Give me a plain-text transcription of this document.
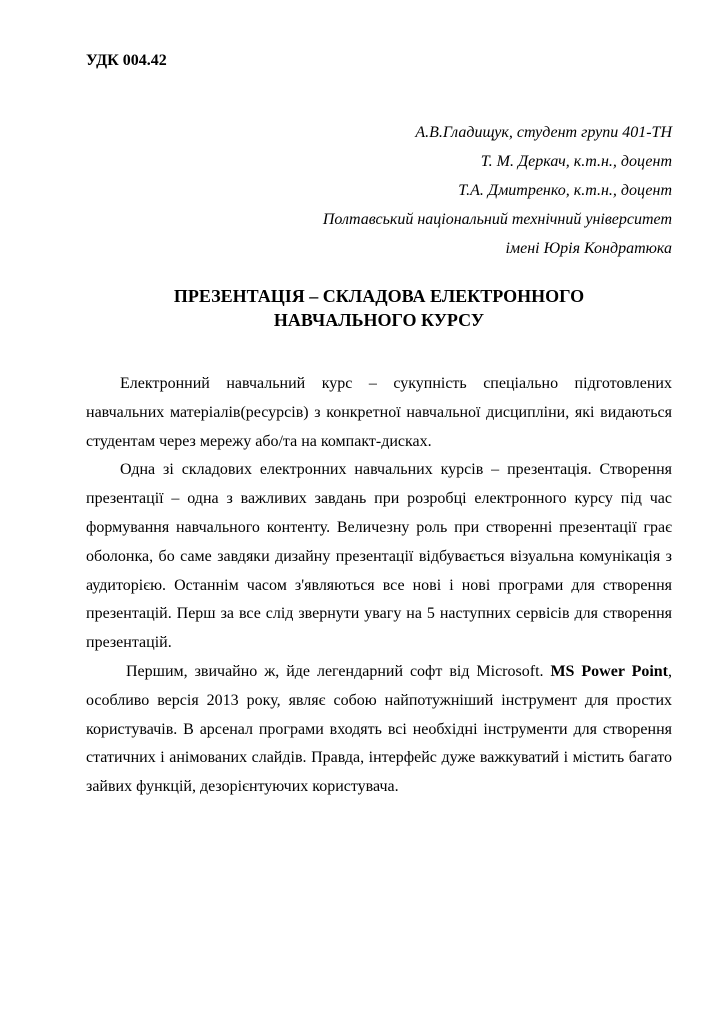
УДК 004.42
А.В.Гладищук, студент групи 401-ТН
Т. М. Деркач, к.т.н., доцент
Т.А. Дмитренко, к.т.н., доцент
Полтавський національний технічний університет
імені Юрія Кондратюка
ПРЕЗЕНТАЦІЯ – СКЛАДОВА ЕЛЕКТРОННОГО
НАВЧАЛЬНОГО КУРСУ

Електронний навчальний курс – сукупність спеціально підготовлених навчальних матеріалів(ресурсів) з конкретної навчальної дисципліни, які видаються студентам через мережу або/та на компакт-дисках.

Одна зі складових електронних навчальних курсів – презентація. Створення презентації – одна з важливих завдань при розробці електронного курсу під час формування навчального контенту. Величезну роль при створенні презентації грає оболонка, бо саме завдяки дизайну презентації відбувається візуальна комунікація з аудиторією. Останнім часом з'являються все нові і нові програми для створення презентацій. Перш за все слід звернути увагу на 5 наступних сервісів для створення презентацій.

Першим, звичайно ж, йде легендарний софт від Microsoft. MS Power Point, особливо версія 2013 року, являє собою найпотужніший інструмент для простих користувачів. В арсенал програми входять всі необхідні інструменти для створення статичних і анімованих слайдів. Правда, інтерфейс дуже важкуватий і містить багато зайвих функцій, дезорієнтуючих користувача.
